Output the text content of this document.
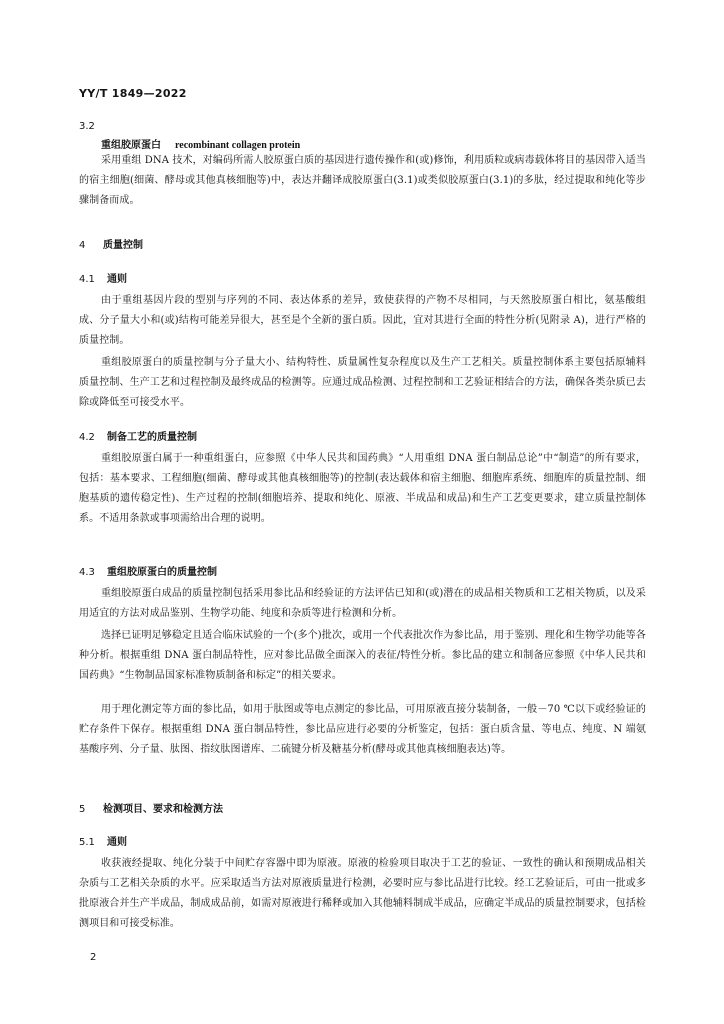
YY/T 1849—2022
3.2
重组胶原蛋白 recombinant collagen protein
采用重组 DNA 技术，对编码所需人胶原蛋白质的基因进行遗传操作和(或)修饰，利用质粒或病毒载体将目的基因带入适当的宿主细胞(细菌、酵母或其他真核细胞等)中，表达并翻译成胶原蛋白(3.1)或类似胶原蛋白(3.1)的多肽，经过提取和纯化等步骤制备而成。
4 质量控制
4.1 通则
由于重组基因片段的型别与序列的不同、表达体系的差异，致使获得的产物不尽相同，与天然胶原蛋白相比，氨基酸组成、分子量大小和(或)结构可能差异很大，甚至是个全新的蛋白质。因此，宜对其进行全面的特性分析(见附录 A)，进行严格的质量控制。
重组胶原蛋白的质量控制与分子量大小、结构特性、质量属性复杂程度以及生产工艺相关。质量控制体系主要包括原辅料质量控制、生产工艺和过程控制及最终成品的检测等。应通过成品检测、过程控制和工艺验证相结合的方法，确保各类杂质已去除或降低至可接受水平。
4.2 制备工艺的质量控制
重组胶原蛋白属于一种重组蛋白，应参照《中华人民共和国药典》“人用重组 DNA 蛋白制品总论”中“制造”的所有要求，包括：基本要求、工程细胞(细菌、酵母或其他真核细胞等)的控制(表达载体和宿主细胞、细胞库系统、细胞库的质量控制、细胞基质的遗传稳定性)、生产过程的控制(细胞培养、提取和纯化、原液、半成品和成品)和生产工艺变更要求，建立质量控制体系。不适用条款或事项需给出合理的说明。
4.3 重组胶原蛋白的质量控制
重组胶原蛋白成品的质量控制包括采用参比品和经验证的方法评估已知和(或)潜在的成品相关物质和工艺相关物质，以及采用适宜的方法对成品鉴别、生物学功能、纯度和杂质等进行检测和分析。
选择已证明足够稳定且适合临床试验的一个(多个)批次，或用一个代表批次作为参比品，用于鉴别、理化和生物学功能等各种分析。根据重组 DNA 蛋白制品特性，应对参比品做全面深入的表征/特性分析。参比品的建立和制备应参照《中华人民共和国药典》“生物制品国家标准物质制备和标定”的相关要求。
用于理化测定等方面的参比品，如用于肽图或等电点测定的参比品，可用原液直接分装制备，一般－70 ℃以下或经验证的贮存条件下保存。根据重组 DNA 蛋白制品特性，参比品应进行必要的分析鉴定，包括：蛋白质含量、等电点、纯度、N 端氨基酸序列、分子量、肽图、指纹肽图谱库、二硫键分析及糖基分析(酵母或其他真核细胞表达)等。
5 检测项目、要求和检测方法
5.1 通则
收获液经提取、纯化分装于中间贮存容器中即为原液。原液的检验项目取决于工艺的验证、一致性的确认和预期成品相关杂质与工艺相关杂质的水平。应采取适当方法对原液质量进行检测，必要时应与参比品进行比较。经工艺验证后，可由一批或多批原液合并生产半成品，制成成品前，如需对原液进行稀释或加入其他辅料制成半成品，应确定半成品的质量控制要求，包括检测项目和可接受标准。
2
